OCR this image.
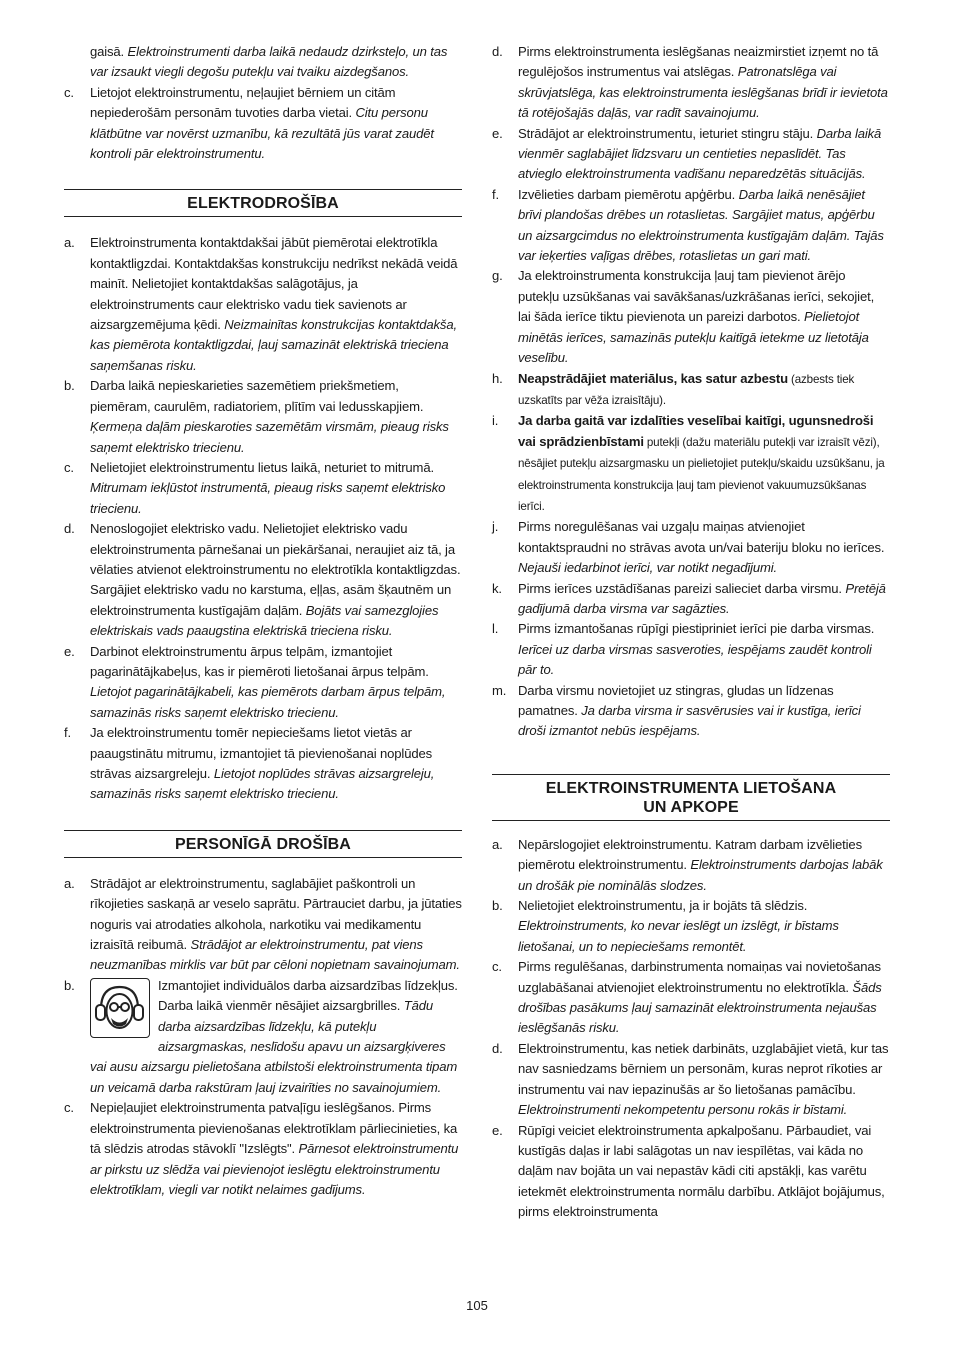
gaisā. Elektroinstrumenti darba laikā nedaudz dzirksteļo, un tas var izsaukt viegli degošu putekļu vai tvaiku aizdegšanos.
c. Lietojot elektroinstrumentu, neļaujiet bērniem un citām nepiederošām personām tuvoties darba vietai. Citu personu klātbūtne var novērst uzmanību, kā rezultātā jūs varat zaudēt kontroli pār elektroinstrumentu.
ELEKTRODROŠĪBA
a. Elektroinstrumenta kontaktdakšai jābūt piemērotai elektrotīkla kontaktligzdai. Kontaktdakšas konstrukciju nedrīkst nekādā veidā mainīt. Nelietojiet kontaktdakšas salāgotājus, ja elektroinstruments caur elektrisko vadu tiek savienots ar aizsargzemējuma ķēdi. Neizmainītas konstrukcijas kontaktdakša, kas piemērota kontaktligzdai, ļauj samazināt elektriskā trieciena saņemšanas risku.
b. Darba laikā nepieskarieties sazemētiem priekšmetiem, piemēram, caurulēm, radiatoriem, plītīm vai ledusskapjiem. Ķermeņa daļām pieskaroties sazemētām virsmām, pieaug risks saņemt elektrisko triecienu.
c. Nelietojiet elektroinstrumentu lietus laikā, neturiet to mitrumā. Mitrumam iekļūstot instrumentā, pieaug risks saņemt elektrisko triecienu.
d. Nenoslogojiet elektrisko vadu. Nelietojiet elektrisko vadu elektroinstrumenta pārnešanai un piekāršanai, neraujiet aiz tā, ja vēlaties atvienot elektroinstrumentu no elektrotīkla kontaktligzdas. Sargājiet elektrisko vadu no karstuma, eļļas, asām šķautnēm un elektroinstrumenta kustīgajām daļām. Bojāts vai samezglojies elektriskais vads paaugstina elektriskā trieciena risku.
e. Darbinot elektroinstrumentu ārpus telpām, izmantojiet pagarinātājkabeļus, kas ir piemēroti lietošanai ārpus telpām. Lietojot pagarinātājkabeli, kas piemērots darbam ārpus telpām, samazinās risks saņemt elektrisko triecienu.
f. Ja elektroinstrumentu tomēr nepieciešams lietot vietās ar paaugstinātu mitrumu, izmantojiet tā pievienošanai noplūdes strāvas aizsargreleju. Lietojot noplūdes strāvas aizsargreleju, samazinās risks saņemt elektrisko triecienu.
PERSONĪGĀ DROŠĪBA
a. Strādājot ar elektroinstrumentu, saglabājiet paškontroli un rīkojieties saskaņā ar veselo saprātu. Pārtrauciet darbu, ja jūtaties noguris vai atrodaties alkohola, narkotiku vai medikamentu izraisītā reibumā. Strādājot ar elektroinstrumentu, pat viens neuzmanības mirklis var būt par cēloni nopietnam savainojumam.
b.	Izmantojiet individuālos darba aizsardzības līdzekļus. Darba laikā vienmēr nēsājiet aizsargbrilles. Tādu darba aizsardzības līdzekļu, kā putekļu aizsargmaskas, neslīdošu apavu un aizsargķiveres vai ausu aizsargu pielietošana atbilstoši elektroinstrumenta tipam un veicamā darba rakstūram ļauj izvairīties no savainojumiem.
c. Nepieļaujiet elektroinstrumenta patvaļīgu ieslēgšanos. Pirms elektroinstrumenta pievienošanas elektrotīklam pārliecinieties, ka tā slēdzis atrodas stāvoklī "Izslēgts". Pārnesot elektroinstrumentu ar pirkstu uz slēdža vai pievienojot ieslēgtu elektroinstrumentu elektrotīklam, viegli var notikt nelaimes gadījums.
d. Pirms elektroinstrumenta ieslēgšanas neaizmirstiet izņemt no tā regulējošos instrumentus vai atslēgas. Patronatslēga vai skrūvjatslēga, kas elektroinstrumenta ieslēgšanas brīdī ir ievietota tā rotējošajās daļās, var radīt savainojumu.
e. Strādājot ar elektroinstrumentu, ieturiet stingru stāju. Darba laikā vienmēr saglabājiet līdzsvaru un centieties nepaslīdēt. Tas atvieglo elektroinstrumenta vadīšanu neparedzētās situācijās.
f. Izvēlieties darbam piemērotu apģērbu. Darba laikā nenēsājiet brīvi plandošas drēbes un rotaslietas. Sargājiet matus, apģērbu un aizsargcimdus no elektroinstrumenta kustīgajām daļām. Tajās var ieķerties vaļīgas drēbes, rotaslietas un gari mati.
g. Ja elektroinstrumenta konstrukcija ļauj tam pievienot ārējo putekļu uzsūkšanas vai savākšanas/uzkrāšanas ierīci, sekojiet, lai šāda ierīce tiktu pievienota un pareizi darbotos. Pielietojot minētās ierīces, samazinās putekļu kaitīgā ietekme uz lietotāja veselību.
h. Neapstrādājiet materiālus, kas satur azbestu (azbests tiek uzskatīts par vēža izraisītāju).
i. Ja darba gaitā var izdalīties veselībai kaitīgi, ugunsnedroši vai sprādzienbīstami putekļi (dažu materiālu putekļi var izraisīt vēzi), nēsājiet putekļu aizsargmasku un pielietojiet putekļu/skaidu uzsūkšanu, ja elektroinstrumenta konstrukcija ļauj tam pievienot vakuumuzsūkšanas ierīci.
j. Pirms noregulēšanas vai uzgaļu maiņas atvienojiet kontaktspraudni no strāvas avota un/vai bateriju bloku no ierīces. Nejauši iedarbinot ierīci, var notikt negadījumi.
k. Pirms ierīces uzstādīšanas pareizi salieciet darba virsmu. Pretējā gadījumā darba virsma var sagāzties.
l. Pirms izmantošanas rūpīgi piestipriniet ierīci pie darba virsmas. Ierīcei uz darba virsmas sasveroties, iespējams zaudēt kontroli pār to.
m. Darba virsmu novietojiet uz stingras, gludas un līdzenas pamatnes. Ja darba virsma ir sasvērusies vai ir kustīga, ierīci droši izmantot nebūs iespējams.
ELEKTROINSTRUMENTA LIETOŠANA
UN APKOPE
a. Nepārslogojiet elektroinstrumentu. Katram darbam izvēlieties piemērotu elektroinstrumentu. Elektroinstruments darbojas labāk un drošāk pie nominālās slodzes.
b. Nelietojiet elektroinstrumentu, ja ir bojāts tā slēdzis. Elektroinstruments, ko nevar ieslēgt un izslēgt, ir bīstams lietošanai, un to nepieciešams remontēt.
c. Pirms regulēšanas, darbinstrumenta nomaiņas vai novietošanas uzglabāšanai atvienojiet elektroinstrumentu no elektrotīkla. Šāds drošības pasākums ļauj samazināt elektroinstrumenta nejaušas ieslēgšanās risku.
d. Elektroinstrumentu, kas netiek darbināts, uzglabājiet vietā, kur tas nav sasniedzams bērniem un personām, kuras neprot rīkoties ar instrumentu vai nav iepazinušās ar šo lietošanas pamācību. Elektroinstrumenti nekompetentu personu rokās ir bīstami.
e. Rūpīgi veiciet elektroinstrumenta apkalpošanu. Pārbaudiet, vai kustīgās daļas ir labi salāgotas un nav iespīlētas, vai kāda no daļām nav bojāta un vai nepastāv kādi citi apstākļi, kas varētu ietekmēt elektroinstrumenta normālu darbību. Atklājot bojājumus, pirms elektroinstrumenta
105
